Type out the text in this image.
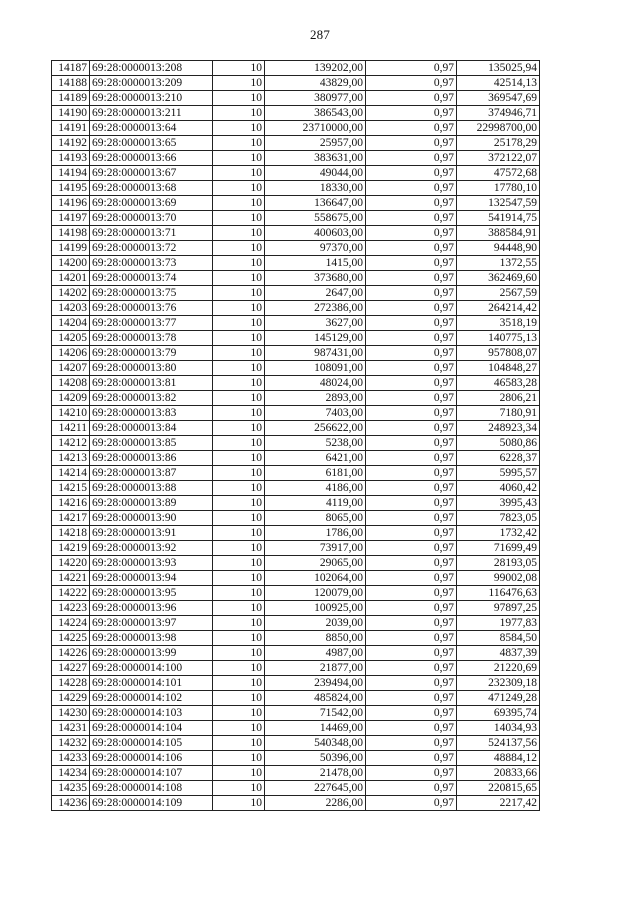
287
14187	69:28:0000013:208	10	139202,00	0,97	135025,94
14188	69:28:0000013:209	10	43829,00	0,97	42514,13
14189	69:28:0000013:210	10	380977,00	0,97	369547,69
14190	69:28:0000013:211	10	386543,00	0,97	374946,71
14191	69:28:0000013:64	10	23710000,00	0,97	22998700,00
14192	69:28:0000013:65	10	25957,00	0,97	25178,29
14193	69:28:0000013:66	10	383631,00	0,97	372122,07
14194	69:28:0000013:67	10	49044,00	0,97	47572,68
14195	69:28:0000013:68	10	18330,00	0,97	17780,10
14196	69:28:0000013:69	10	136647,00	0,97	132547,59
14197	69:28:0000013:70	10	558675,00	0,97	541914,75
14198	69:28:0000013:71	10	400603,00	0,97	388584,91
14199	69:28:0000013:72	10	97370,00	0,97	94448,90
14200	69:28:0000013:73	10	1415,00	0,97	1372,55
14201	69:28:0000013:74	10	373680,00	0,97	362469,60
14202	69:28:0000013:75	10	2647,00	0,97	2567,59
14203	69:28:0000013:76	10	272386,00	0,97	264214,42
14204	69:28:0000013:77	10	3627,00	0,97	3518,19
14205	69:28:0000013:78	10	145129,00	0,97	140775,13
14206	69:28:0000013:79	10	987431,00	0,97	957808,07
14207	69:28:0000013:80	10	108091,00	0,97	104848,27
14208	69:28:0000013:81	10	48024,00	0,97	46583,28
14209	69:28:0000013:82	10	2893,00	0,97	2806,21
14210	69:28:0000013:83	10	7403,00	0,97	7180,91
14211	69:28:0000013:84	10	256622,00	0,97	248923,34
14212	69:28:0000013:85	10	5238,00	0,97	5080,86
14213	69:28:0000013:86	10	6421,00	0,97	6228,37
14214	69:28:0000013:87	10	6181,00	0,97	5995,57
14215	69:28:0000013:88	10	4186,00	0,97	4060,42
14216	69:28:0000013:89	10	4119,00	0,97	3995,43
14217	69:28:0000013:90	10	8065,00	0,97	7823,05
14218	69:28:0000013:91	10	1786,00	0,97	1732,42
14219	69:28:0000013:92	10	73917,00	0,97	71699,49
14220	69:28:0000013:93	10	29065,00	0,97	28193,05
14221	69:28:0000013:94	10	102064,00	0,97	99002,08
14222	69:28:0000013:95	10	120079,00	0,97	116476,63
14223	69:28:0000013:96	10	100925,00	0,97	97897,25
14224	69:28:0000013:97	10	2039,00	0,97	1977,83
14225	69:28:0000013:98	10	8850,00	0,97	8584,50
14226	69:28:0000013:99	10	4987,00	0,97	4837,39
14227	69:28:0000014:100	10	21877,00	0,97	21220,69
14228	69:28:0000014:101	10	239494,00	0,97	232309,18
14229	69:28:0000014:102	10	485824,00	0,97	471249,28
14230	69:28:0000014:103	10	71542,00	0,97	69395,74
14231	69:28:0000014:104	10	14469,00	0,97	14034,93
14232	69:28:0000014:105	10	540348,00	0,97	524137,56
14233	69:28:0000014:106	10	50396,00	0,97	48884,12
14234	69:28:0000014:107	10	21478,00	0,97	20833,66
14235	69:28:0000014:108	10	227645,00	0,97	220815,65
14236	69:28:0000014:109	10	2286,00	0,97	2217,42
